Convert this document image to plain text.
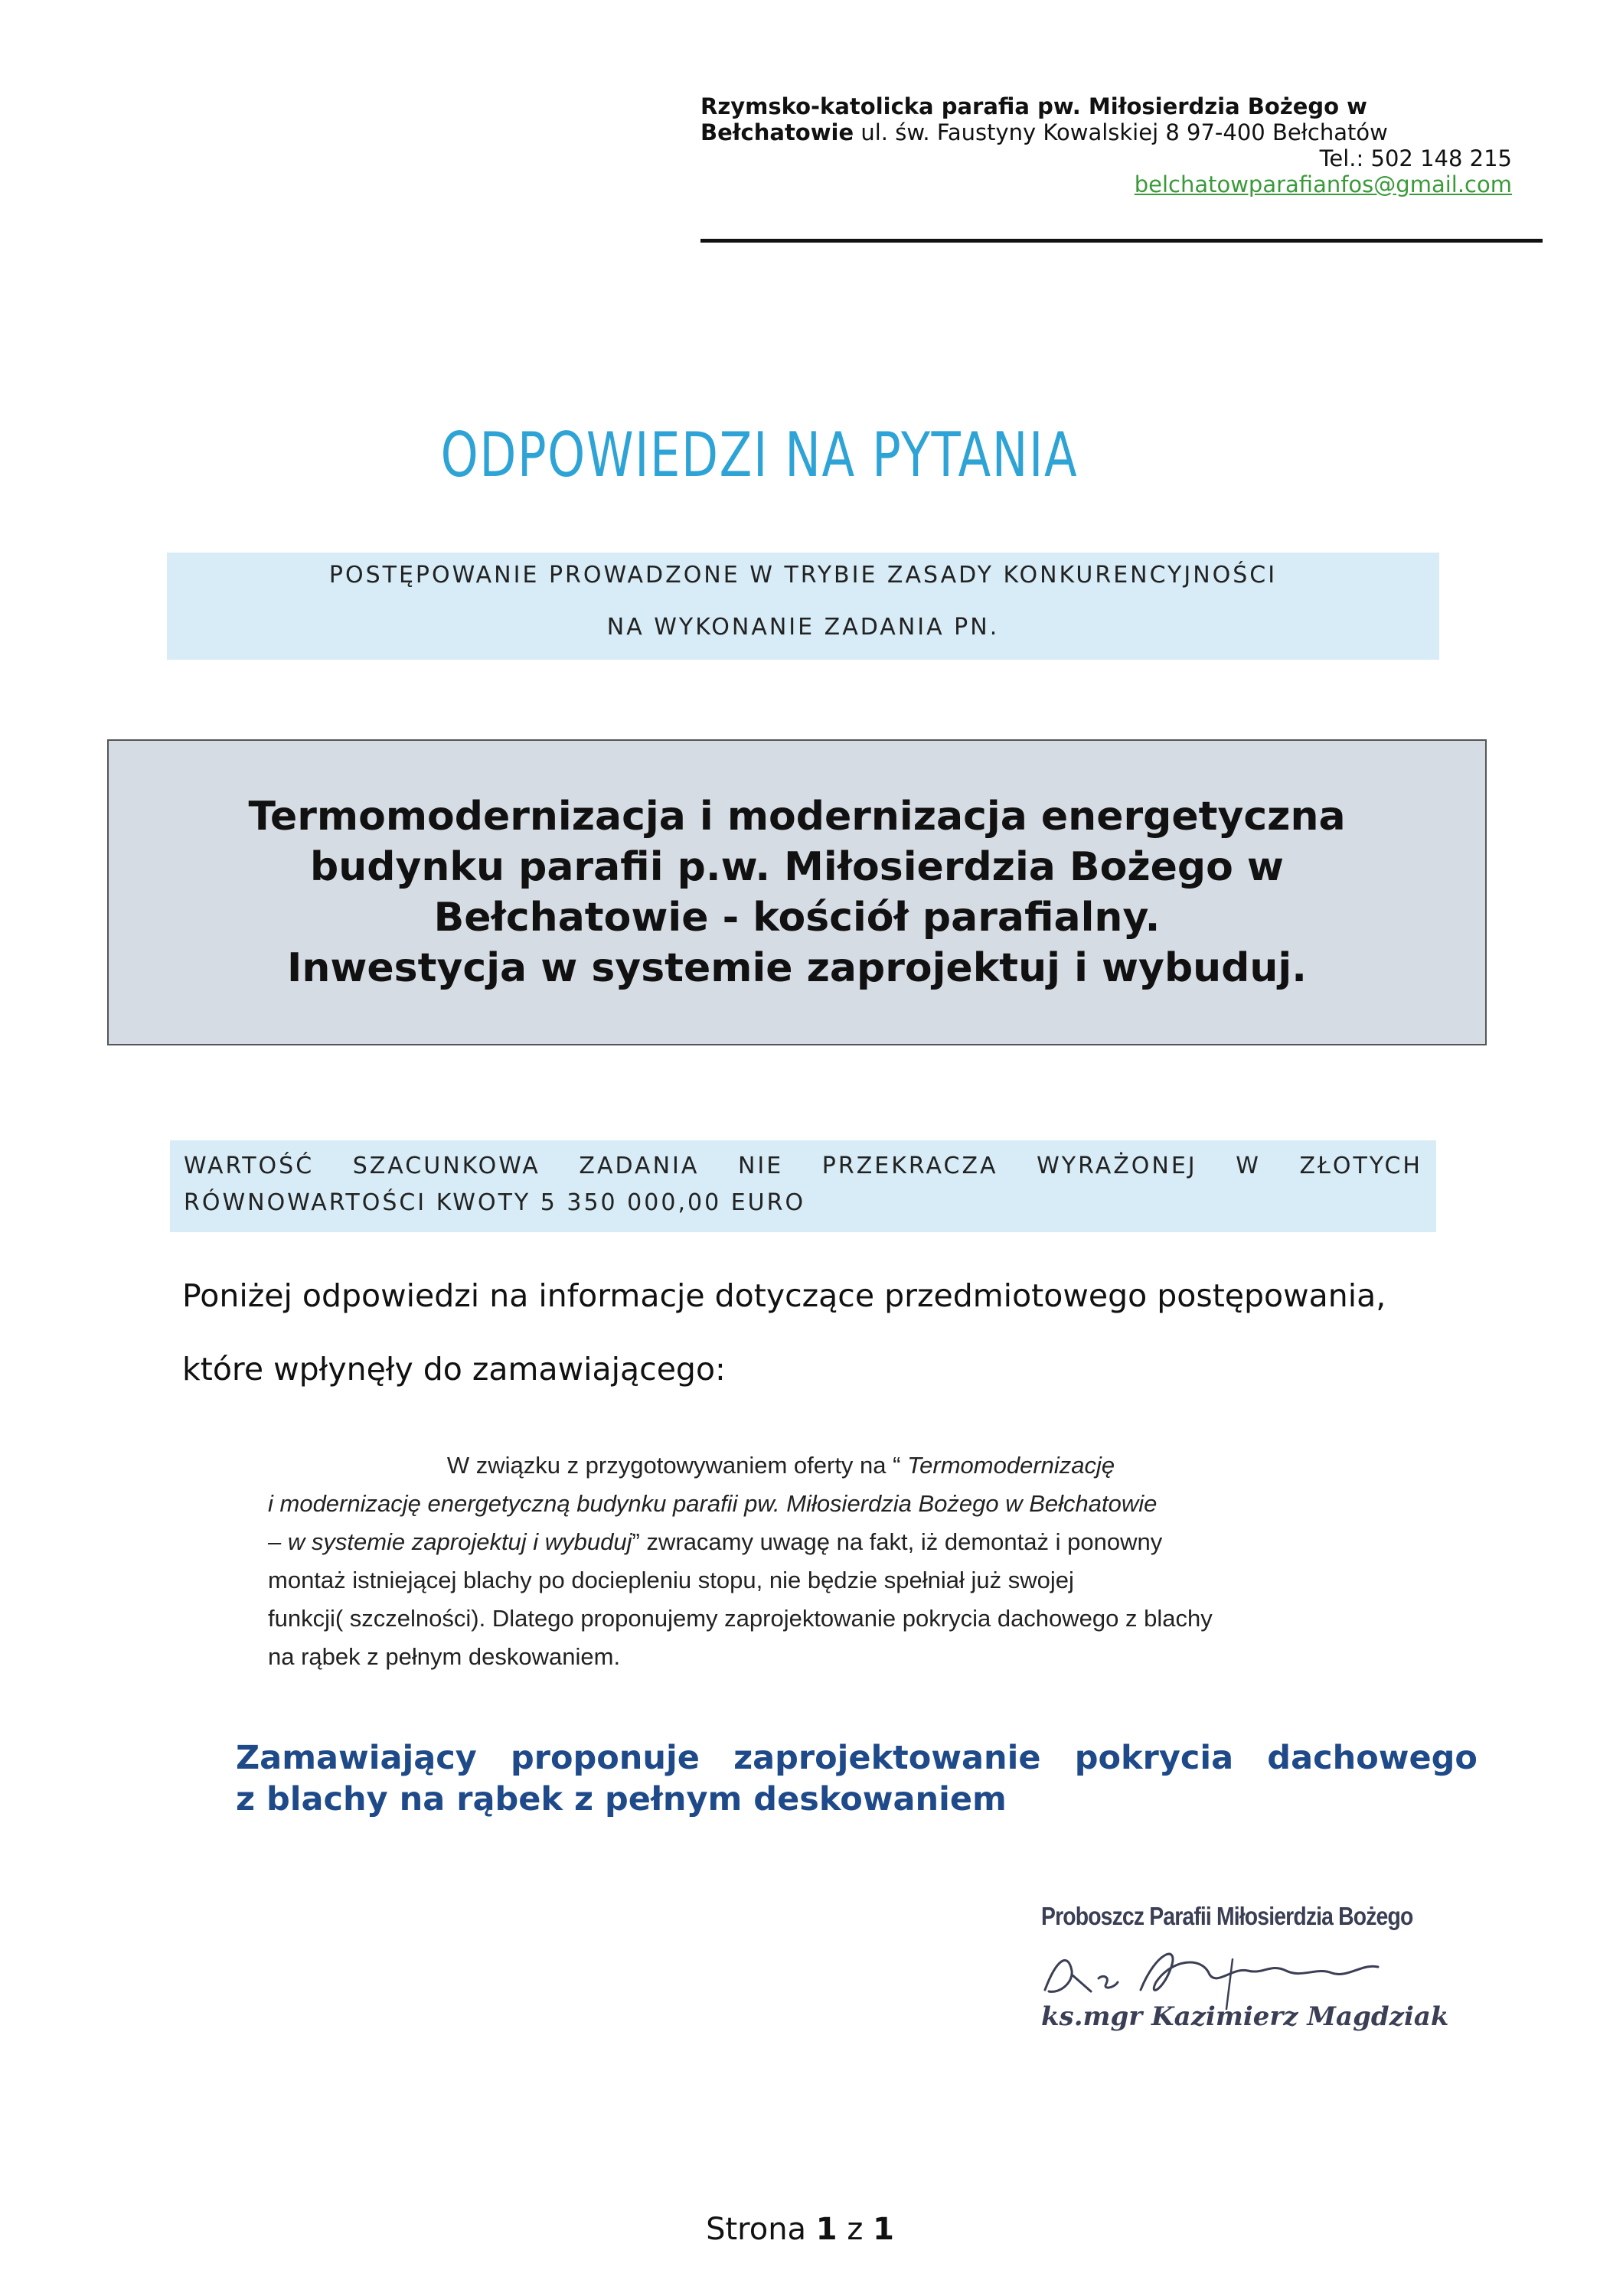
Rzymsko-katolicka parafia pw. Miłosierdzia Bożego w
Bełchatowie ul. św. Faustyny Kowalskiej 8 97-400 Bełchatów
Tel.: 502 148 215
belchatowparafianfos@gmail.com
ODPOWIEDZI NA PYTANIA
POSTĘPOWANIE PROWADZONE W TRYBIE ZASADY KONKURENCYJNOŚCI
NA WYKONANIE ZADANIA PN.
Termomodernizacja i modernizacja energetyczna
budynku parafii p.w. Miłosierdzia Bożego w
Bełchatowie - kościół parafialny.
Inwestycja w systemie zaprojektuj i wybuduj.
WARTOŚĆ SZACUNKOWA ZADANIA NIE PRZEKRACZA WYRAŻONEJ W ZŁOTYCH
RÓWNOWARTOŚCI KWOTY 5 350 000,00 EURO
Poniżej odpowiedzi na informacje dotyczące przedmiotowego postępowania,
które wpłynęły do zamawiającego:
W związku z przygotowywaniem oferty na “ Termomodernizację
i modernizację energetyczną budynku parafii pw. Miłosierdzia Bożego w Bełchatowie
– w systemie zaprojektuj i wybuduj” zwracamy uwagę na fakt, iż demontaż i ponowny
montaż istniejącej blachy po dociepleniu stopu, nie będzie spełniał już swojej
funkcji( szczelności). Dlatego proponujemy zaprojektowanie pokrycia dachowego z blachy
na rąbek z pełnym deskowaniem.
Zamawiający proponuje zaprojektowanie pokrycia dachowego
z blachy na rąbek z pełnym deskowaniem
Proboszcz Parafii Miłosierdzia Bożego
ks.mgr Kazimierz Magdziak
Strona 1 z 1
